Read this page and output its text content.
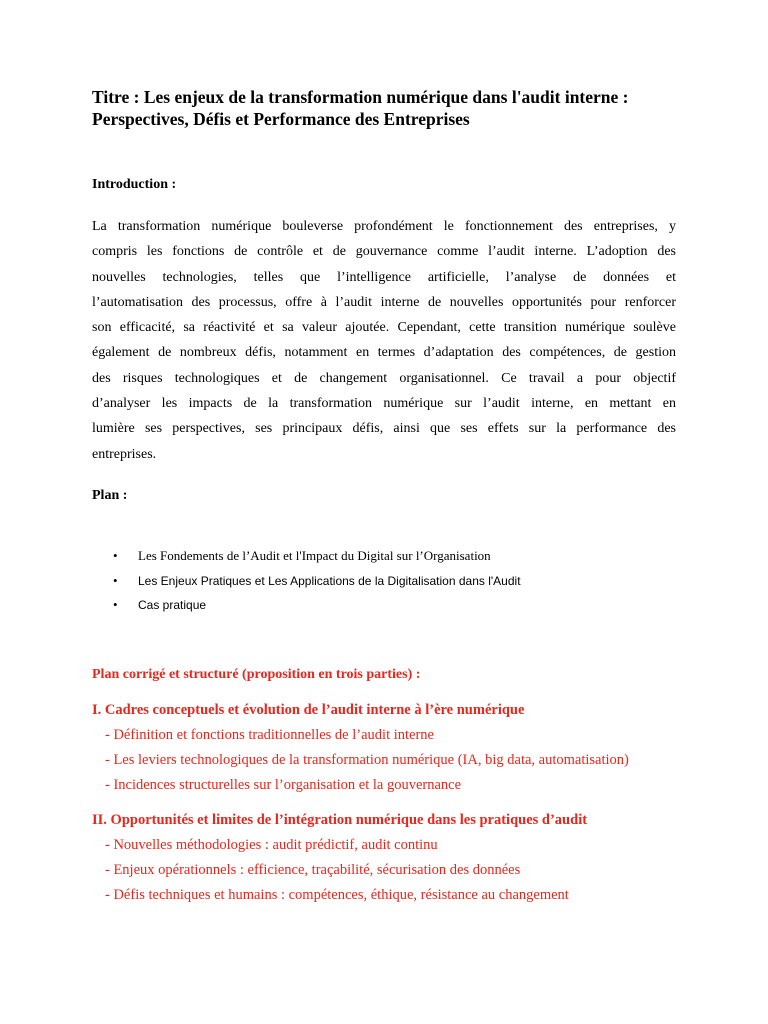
Titre : Les enjeux de la transformation numérique dans l'audit interne :
Perspectives, Défis et Performance des Entreprises
Introduction :
La transformation numérique bouleverse profondément le fonctionnement des entreprises, y
compris les fonctions de contrôle et de gouvernance comme l’audit interne. L’adoption des
nouvelles technologies, telles que l’intelligence artificielle, l’analyse de données et
l’automatisation des processus, offre à l’audit interne de nouvelles opportunités pour renforcer
son efficacité, sa réactivité et sa valeur ajoutée. Cependant, cette transition numérique soulève
également de nombreux défis, notamment en termes d’adaptation des compétences, de gestion
des risques technologiques et de changement organisationnel. Ce travail a pour objectif
d’analyser les impacts de la transformation numérique sur l’audit interne, en mettant en
lumière ses perspectives, ses principaux défis, ainsi que ses effets sur la performance des
entreprises.
Plan :
• Les Fondements de l’Audit et l'Impact du Digital sur l’Organisation
• Les Enjeux Pratiques et Les Applications de la Digitalisation dans l'Audit
• Cas pratique
Plan corrigé et structuré (proposition en trois parties) :
I. Cadres conceptuels et évolution de l’audit interne à l’ère numérique
- Définition et fonctions traditionnelles de l’audit interne
- Les leviers technologiques de la transformation numérique (IA, big data, automatisation)
- Incidences structurelles sur l’organisation et la gouvernance
II. Opportunités et limites de l’intégration numérique dans les pratiques d’audit
- Nouvelles méthodologies : audit prédictif, audit continu
- Enjeux opérationnels : efficience, traçabilité, sécurisation des données
- Défis techniques et humains : compétences, éthique, résistance au changement
